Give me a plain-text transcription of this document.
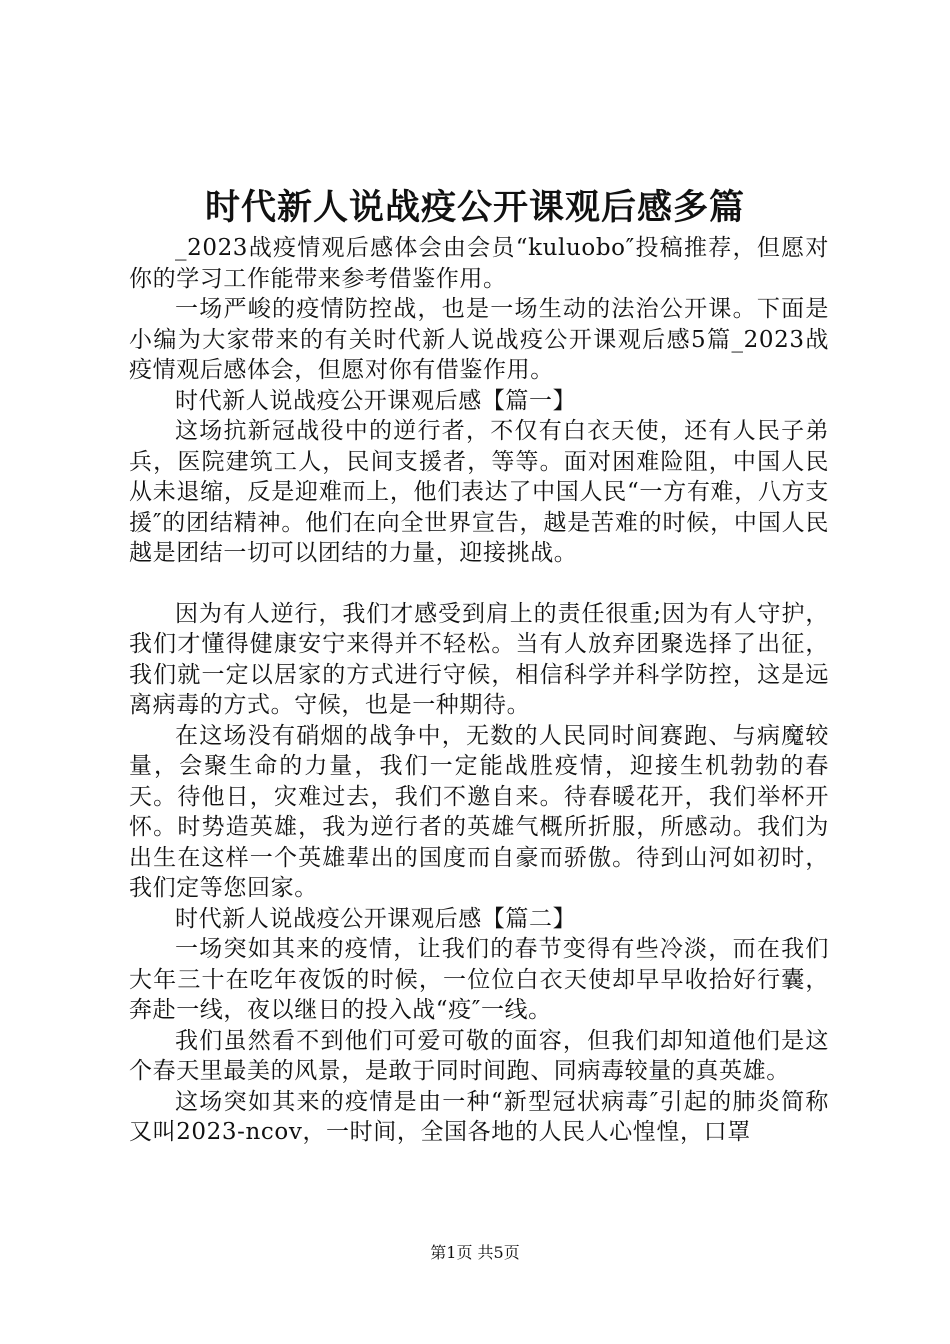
时代新人说战疫公开课观后感多篇

_2023战疫情观后感体会由会员“kuluobo″投稿推荐，但愿对你的学习工作能带来参考借鉴作用。

一场严峻的疫情防控战，也是一场生动的法治公开课。下面是小编为大家带来的有关时代新人说战疫公开课观后感5篇_2023战疫情观后感体会，但愿对你有借鉴作用。

时代新人说战疫公开课观后感【篇一】

这场抗新冠战役中的逆行者，不仅有白衣天使，还有人民子弟兵，医院建筑工人，民间支援者，等等。面对困难险阻，中国人民从未退缩，反是迎难而上，他们表达了中国人民“一方有难，八方支援″的团结精神。他们在向全世界宣告，越是苦难的时候，中国人民越是团结一切可以团结的力量，迎接挑战。

因为有人逆行，我们才感受到肩上的责任很重;因为有人守护，我们才懂得健康安宁来得并不轻松。当有人放弃团聚选择了出征，我们就一定以居家的方式进行守候，相信科学并科学防控，这是远离病毒的方式。守候，也是一种期待。

在这场没有硝烟的战争中，无数的人民同时间赛跑、与病魔较量，会聚生命的力量，我们一定能战胜疫情，迎接生机勃勃的春天。待他日，灾难过去，我们不邀自来。待春暖花开，我们举杯开怀。时势造英雄，我为逆行者的英雄气概所折服，所感动。我们为出生在这样一个英雄辈出的国度而自豪而骄傲。待到山河如初时，我们定等您回家。

时代新人说战疫公开课观后感【篇二】

一场突如其来的疫情，让我们的春节变得有些冷淡，而在我们大年三十在吃年夜饭的时候，一位位白衣天使却早早收拾好行囊，奔赴一线，夜以继日的投入战“疫″一线。

我们虽然看不到他们可爱可敬的面容，但我们却知道他们是这个春天里最美的风景，是敢于同时间跑、同病毒较量的真英雄。

这场突如其来的疫情是由一种“新型冠状病毒″引起的肺炎简称又叫2023-ncov，一时间，全国各地的人民人心惶惶，口罩

第1页 共5页
